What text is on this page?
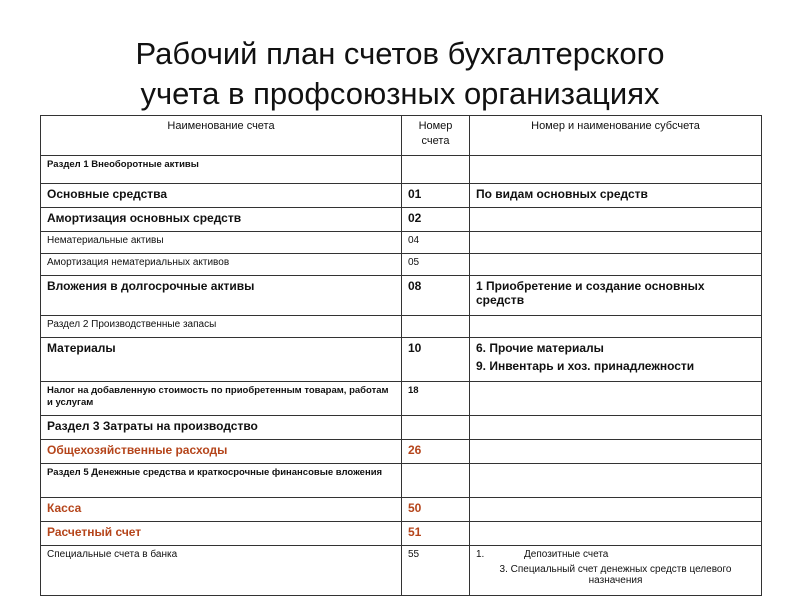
Рабочий план счетов бухгалтерского
учета в профсоюзных организациях
Наименование счета	Номер счета	Номер и наименование субсчета
Раздел 1 Внеоборотные активы		
Основные средства	01	По видам основных средств

Амортизация основных средств	02	
Нематериальные активы	04	
Амортизация нематериальных активов	05	
Вложения в долгосрочные активы	08	1 Приобретение и создание основных средств

Раздел 2 Производственные запасы		
Материалы	10	6. Прочие материалы
9. Инвентарь и хоз. принадлежности

Налог на добавленную стоимость по приобретенным товарам, работам и услугам	18	
Раздел 3 Затраты на производство		
Общехозяйственные расходы	26	
Раздел 5 Денежные средства и краткосрочные финансовые вложения		
Касса	50	
Расчетный счет	51	
Специальные счета в банка	55	1. Депозитные счета
3. Специальный счет денежных средств целевого назначения
